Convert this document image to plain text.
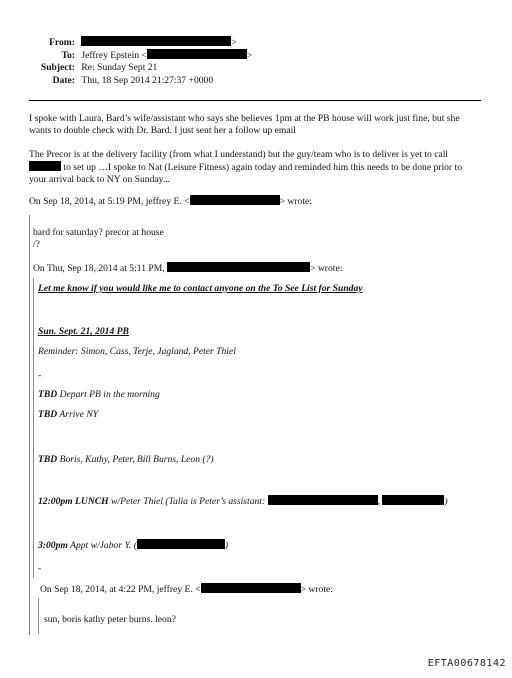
From:	>
To: Jeffrey Epstein <	>
Subject: Re: Sunday Sept 21
Date: Thu, 18 Sep 2014 21:27:37 +0000
I spoke with Laura, Bard’s wife/assistant who says she believes 1pm at the PB house will work just fine, but she wants to double check with Dr. Bard. I just sent her a follow up email
The Precor is at the delivery facility (from what I understand) but the guy/team who is to deliver is yet to call
to set up …I spoke to Nat (Leisure Fitness) again today and reminded him this needs to be done prior to
your arrival back to NY on Sunday...
On Sep 18, 2014, at 5:19 PM, jeffrey E. <	> wrote:
bard for saturday? precor at house
/?
On Thu, Sep 18, 2014 at 5:11 PM,	> wrote:
Let me know if you would like me to contact anyone on the To See List for Sunday
Sun. Sept. 21, 2014 PB
Reminder: Simon, Cass, Terje, Jagland, Peter Thiel
-
TBD Depart PB in the morning
TBD Arrive NY
TBD Boris, Kathy, Peter, Bill Burns, Leon (?)
12:00pm LUNCH w/Peter Thiel (Talia is Peter’s assistant:	,	)
3:00pm Appt w/Jabor Y. (	)
-
On Sep 18, 2014, at 4:22 PM, jeffrey E. <	> wrote:
sun, boris kathy peter burns. leon?
EFTA00678142
